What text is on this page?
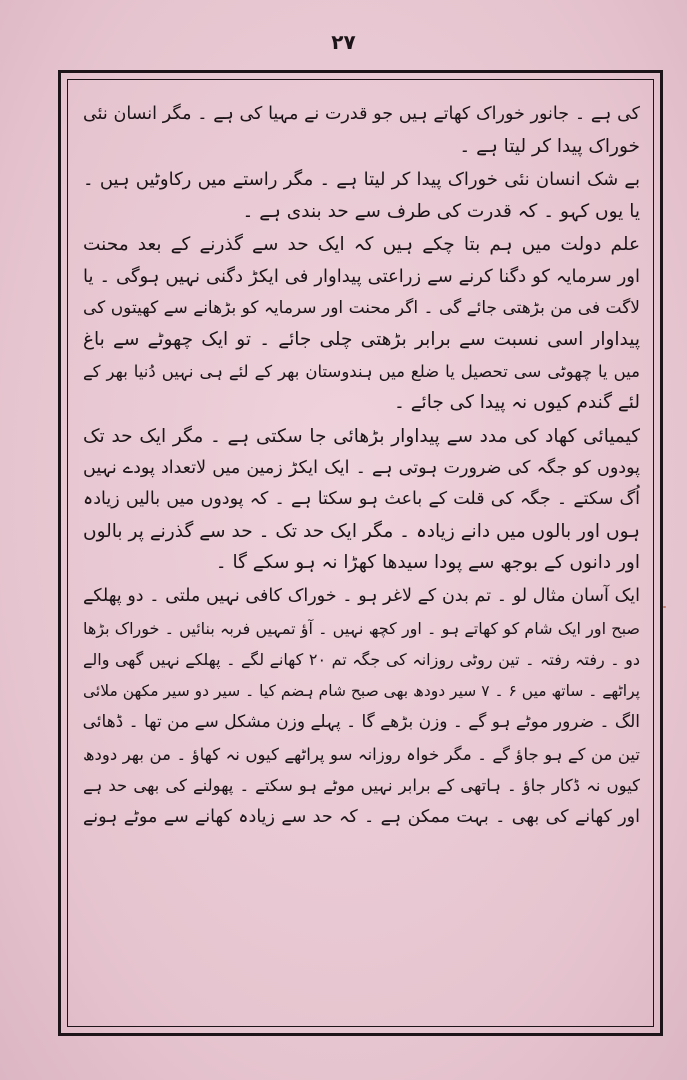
۲۷
کی ہے ۔ جانور خوراک کھاتے ہیں جو قدرت نے مہیا کی ہے ۔ مگر انسان نئی
خوراک پیدا کر لیتا ہے ۔
بے شک انسان نئی خوراک پیدا کر لیتا ہے ۔ مگر راستے میں رکاوٹیں ہیں ۔
یا یوں کہو ۔ کہ قدرت کی طرف سے حد بندی ہے ۔
علم دولت میں ہم بتا چکے ہیں کہ ایک حد سے گذرنے کے بعد محنت
اور سرمایہ کو دگنا کرنے سے زراعتی پیداوار فی ایکڑ دگنی نہیں ہوگی ۔ یا
لاگت فی من بڑھتی جائے گی ۔ اگر محنت اور سرمایہ کو بڑھانے سے کھیتوں کی
پیداوار اسی نسبت سے برابر بڑھتی چلی جائے ۔ تو ایک چھوٹے سے باغ
میں یا چھوٹی سی تحصیل یا ضلع میں ہندوستان بھر کے لئے ہی نہیں دُنیا بھر کے
لئے گندم کیوں نہ پیدا کی جائے ۔
کیمیائی کھاد کی مدد سے پیداوار بڑھائی جا سکتی ہے ۔ مگر ایک حد تک
پودوں کو جگہ کی ضرورت ہوتی ہے ۔ ایک ایکڑ زمین میں لاتعداد پودے نہیں
اُگ سکتے ۔ جگہ کی قلت کے باعث ہو سکتا ہے ۔ کہ پودوں میں بالیں زیادہ
ہوں اور بالوں میں دانے زیادہ ۔ مگر ایک حد تک ۔ حد سے گذرنے پر بالوں
اور دانوں کے بوجھ سے پودا سیدھا کھڑا نہ ہو سکے گا ۔
ایک آسان مثال لو ۔ تم بدن کے لاغر ہو ۔ خوراک کافی نہیں ملتی ۔ دو پھلکے
صبح اور ایک شام کو کھاتے ہو ۔ اور کچھ نہیں ۔ آؤ تمہیں فربہ بنائیں ۔ خوراک بڑھا
دو ۔ رفتہ رفتہ ۔ تین روٹی روزانہ کی جگہ تم ۲۰ کھانے لگے ۔ پھلکے نہیں گھی والے
پراٹھے ۔ ساتھ میں ۶ ۔ ۷ سیر دودھ بھی صبح شام ہضم کیا ۔ سیر دو سیر مکھن ملائی
الگ ۔ ضرور موٹے ہو گے ۔ وزن بڑھے گا ۔ پہلے وزن مشکل سے من تھا ۔ ڈھائی
تین من کے ہو جاؤ گے ۔ مگر خواہ روزانہ سو پراٹھے کیوں نہ کھاؤ ۔ من بھر دودھ
کیوں نہ ڈکار جاؤ ۔ ہاتھی کے برابر نہیں موٹے ہو سکتے ۔ پھولنے کی بھی حد ہے
اور کھانے کی بھی ۔ بہت ممکن ہے ۔ کہ حد سے زیادہ کھانے سے موٹے ہونے
